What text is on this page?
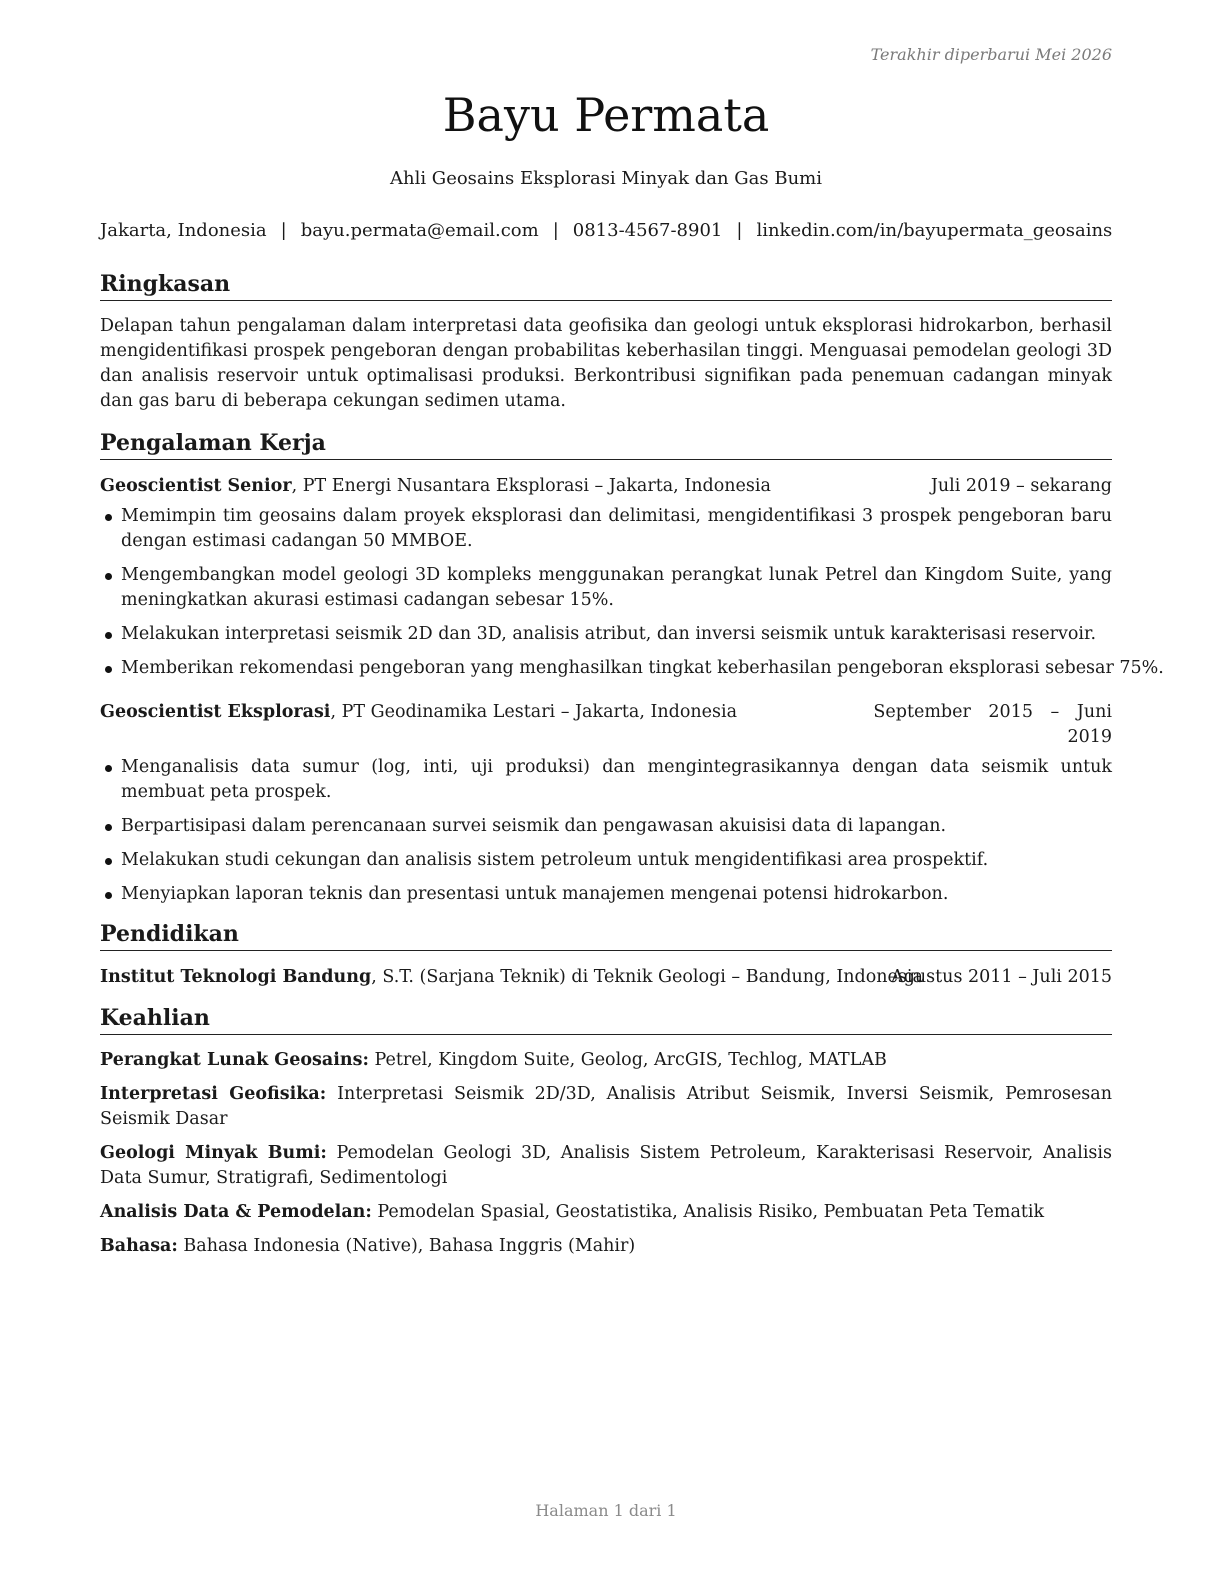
Terakhir diperbarui Mei 2026
Bayu Permata
Ahli Geosains Eksplorasi Minyak dan Gas Bumi
Jakarta, Indonesia | bayu.permata@email.com | 0813-4567-8901 | linkedin.com/in/bayupermata_geosains
Ringkasan

Delapan tahun pengalaman dalam interpretasi data geofisika dan geologi untuk eksplorasi hidrokarbon, berhasil mengidentifikasi prospek pengeboran dengan probabilitas keberhasilan tinggi. Menguasai pemodelan geologi 3D dan analisis reservoir untuk optimalisasi produksi. Berkontribusi signifikan pada penemuan cadangan minyak dan gas baru di beberapa cekungan sedimen utama.

Pengalaman Kerja
Geoscientist Senior, PT Energi Nusantara Eksplorasi – Jakarta, Indonesia	Juli 2019 – sekarang
Memimpin tim geosains dalam proyek eksplorasi dan delimitasi, mengidentifikasi 3 prospek pengeboran baru dengan estimasi cadangan 50 MMBOE.
Mengembangkan model geologi 3D kompleks menggunakan perangkat lunak Petrel dan Kingdom Suite, yang meningkatkan akurasi estimasi cadangan sebesar 15%.
Melakukan interpretasi seismik 2D dan 3D, analisis atribut, dan inversi seismik untuk karakterisasi reservoir.
Memberikan rekomendasi pengeboran yang menghasilkan tingkat keberhasilan pengeboran eksplorasi sebesar 75%.
Geoscientist Eksplorasi, PT Geodinamika Lestari – Jakarta, Indonesia	September 2015 – Juni
2019
Menganalisis data sumur (log, inti, uji produksi) dan mengintegrasikannya dengan data seismik untuk membuat peta prospek.
Berpartisipasi dalam perencanaan survei seismik dan pengawasan akuisisi data di lapangan.
Melakukan studi cekungan dan analisis sistem petroleum untuk mengidentifikasi area prospektif.
Menyiapkan laporan teknis dan presentasi untuk manajemen mengenai potensi hidrokarbon.
Pendidikan
Institut Teknologi Bandung, S.T. (Sarjana Teknik) di Teknik Geologi – Bandung, Indonesia
Agustus 2011 – Juli 2015
Keahlian
Perangkat Lunak Geosains: Petrel, Kingdom Suite, Geolog, ArcGIS, Techlog, MATLAB
Interpretasi Geofisika: Interpretasi Seismik 2D/3D, Analisis Atribut Seismik, Inversi Seismik, Pemrosesan Seismik Dasar
Geologi Minyak Bumi: Pemodelan Geologi 3D, Analisis Sistem Petroleum, Karakterisasi Reservoir, Analisis Data Sumur, Stratigrafi, Sedimentologi
Analisis Data & Pemodelan: Pemodelan Spasial, Geostatistika, Analisis Risiko, Pembuatan Peta Tematik
Bahasa: Bahasa Indonesia (Native), Bahasa Inggris (Mahir)
Halaman 1 dari 1
